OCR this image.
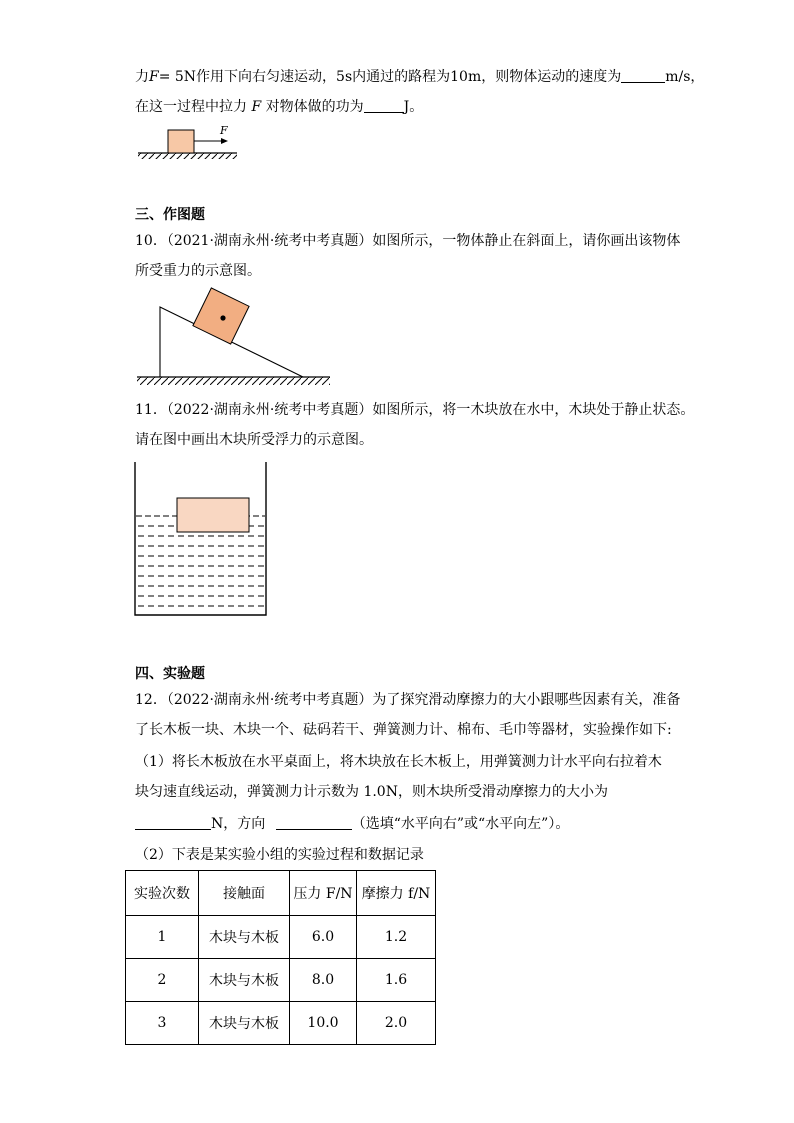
力F= 5N作用下向右匀速运动，5s内通过的路程为10m，则物体运动的速度为	m/s，
在这一过程中拉力 F 对物体做的功为	J。
F
三、作图题
10．（2021·湖南永州·统考中考真题）如图所示，一物体静止在斜面上，请你画出该物体
所受重力的示意图。
11．（2022·湖南永州·统考中考真题）如图所示，将一木块放在水中，木块处于静止状态。
请在图中画出木块所受浮力的示意图。
四、实验题
12．（2022·湖南永州·统考中考真题）为了探究滑动摩擦力的大小跟哪些因素有关，准备
了长木板一块、木块一个、砝码若干、弹簧测力计、棉布、毛巾等器材，实验操作如下:
（1）将长木板放在水平桌面上，将木块放在长木板上，用弹簧测力计水平向右拉着木
块匀速直线运动，弹簧测力计示数为 1.0N，则木块所受滑动摩擦力的大小为
N，方向	（选填“水平向右”或“水平向左”）。
（2）下表是某实验小组的实验过程和数据记录
实验次数	接触面	压力 F/N	摩擦力 f/N
1	木块与木板	6.0	1.2
2	木块与木板	8.0	1.6
3	木块与木板	10.0	2.0
